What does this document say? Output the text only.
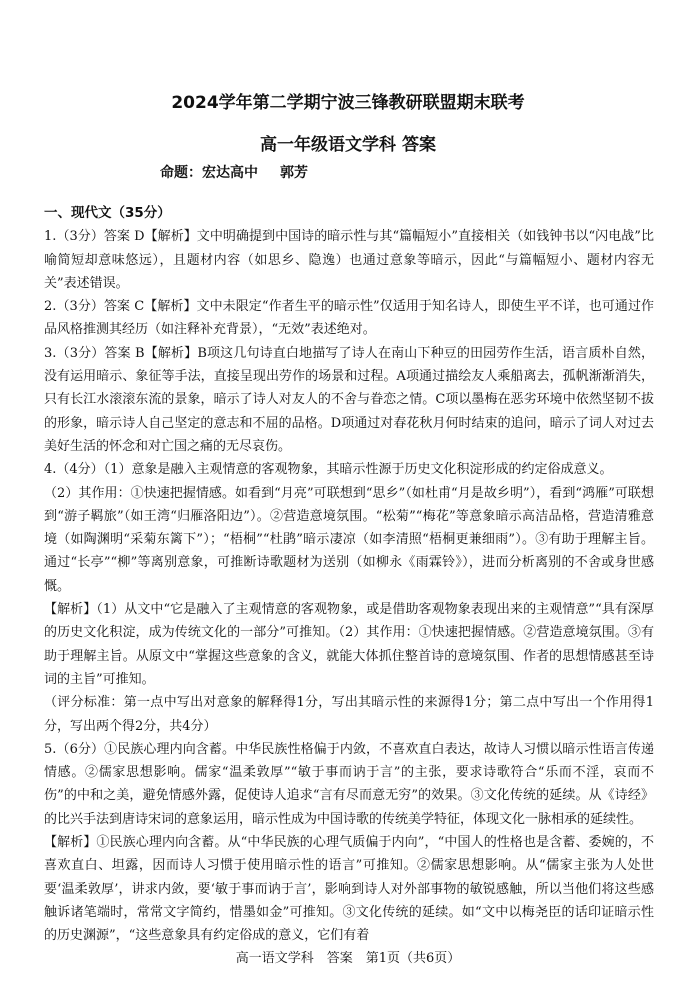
2024学年第二学期宁波三锋教研联盟期末联考
高一年级语文学科 答案
命题：宏达高中 郭芳

一、现代文（35分）

1.（3分）答案 D【解析】文中明确提到中国诗的暗示性与其“篇幅短小”直接相关（如钱钟书以“闪电战”比喻简短却意味悠远），且题材内容（如思乡、隐逸）也通过意象等暗示，因此“与篇幅短小、题材内容无关”表述错误。

2.（3分）答案 C【解析】文中未限定“作者生平的暗示性”仅适用于知名诗人，即使生平不详，也可通过作品风格推测其经历（如注释补充背景），“无效”表述绝对。

3.（3分）答案 B【解析】B项这几句诗直白地描写了诗人在南山下种豆的田园劳作生活，语言质朴自然，没有运用暗示、象征等手法，直接呈现出劳作的场景和过程。A项通过描绘友人乘船离去，孤帆渐渐消失，只有长江水滚滚东流的景象，暗示了诗人对友人的不舍与眷恋之情。C项以墨梅在恶劣环境中依然坚韧不拔的形象，暗示诗人自己坚定的意志和不屈的品格。D项通过对春花秋月何时结束的追问，暗示了词人对过去美好生活的怀念和对亡国之痛的无尽哀伤。

4.（4分）（1）意象是融入主观情意的客观物象，其暗示性源于历史文化积淀形成的约定俗成意义。

（2）其作用：①快速把握情感。如看到“月亮”可联想到“思乡”（如杜甫“月是故乡明”），看到“鸿雁”可联想到“游子羁旅”（如王湾“归雁洛阳边”）。②营造意境氛围。“松菊”“梅花”等意象暗示高洁品格，营造清雅意境（如陶渊明“采菊东篱下”）；“梧桐”“杜鹃”暗示凄凉（如李清照“梧桐更兼细雨”）。③有助于理解主旨。通过“长亭”“柳”等离别意象，可推断诗歌题材为送别（如柳永《雨霖铃》），进而分析离别的不舍或身世感慨。

【解析】（1）从文中“它是融入了主观情意的客观物象，或是借助客观物象表现出来的主观情意”“具有深厚的历史文化积淀，成为传统文化的一部分”可推知。（2）其作用：①快速把握情感。②营造意境氛围。③有助于理解主旨。从原文中“掌握这些意象的含义，就能大体抓住整首诗的意境氛围、作者的思想情感甚至诗词的主旨”可推知。

（评分标准：第一点中写出对意象的解释得1分，写出其暗示性的来源得1分；第二点中写出一个作用得1分，写出两个得2分，共4分）

5.（6分）①民族心理内向含蓄。中华民族性格偏于内敛，不喜欢直白表达，故诗人习惯以暗示性语言传递情感。②儒家思想影响。儒家“温柔敦厚”“敏于事而讷于言”的主张，要求诗歌符合“乐而不淫，哀而不伤”的中和之美，避免情感外露，促使诗人追求“言有尽而意无穷”的效果。③文化传统的延续。从《诗经》的比兴手法到唐诗宋词的意象运用，暗示性成为中国诗歌的传统美学特征，体现文化一脉相承的延续性。

【解析】①民族心理内向含蓄。从“中华民族的心理气质偏于内向”，“中国人的性格也是含蓄、委婉的，不喜欢直白、坦露，因而诗人习惯于使用暗示性的语言”可推知。②儒家思想影响。从“儒家主张为人处世要‘温柔敦厚’，讲求内敛，要‘敏于事而讷于言’，影响到诗人对外部事物的敏锐感触，所以当他们将这些感触诉诸笔端时，常常文字简约，惜墨如金”可推知。③文化传统的延续。如“文中以梅尧臣的话印证暗示性的历史渊源”，“这些意象具有约定俗成的意义，它们有着

高一语文学科　答案　第1页（共6页）
